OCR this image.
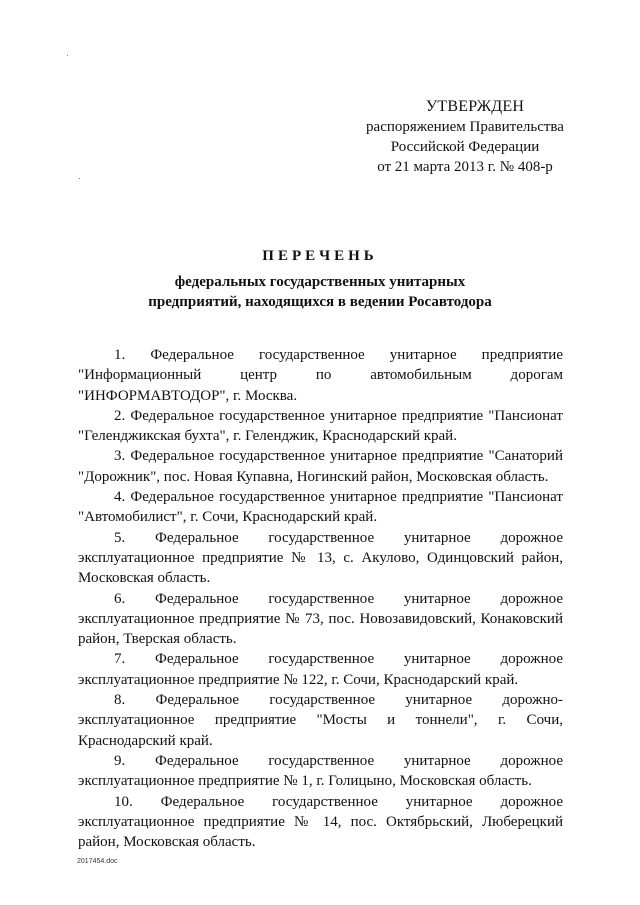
УТВЕРЖДЕН
распоряжением Правительства
Российской Федерации
от 21 марта 2013 г. № 408-р
ПЕРЕЧЕНЬ
федеральных государственных унитарных
предприятий, находящихся в ведении Росавтодора

1. Федеральное государственное унитарное предприятие "Информационный центр по автомобильным дорогам "ИНФОРМАВТОДОР", г. Москва.

2. Федеральное государственное унитарное предприятие "Пансионат "Геленджикская бухта", г. Геленджик, Краснодарский край.

3. Федеральное государственное унитарное предприятие "Санаторий "Дорожник", пос. Новая Купавна, Ногинский район, Московская область.

4. Федеральное государственное унитарное предприятие "Пансионат "Автомобилист", г. Сочи, Краснодарский край.

5. Федеральное государственное унитарное дорожное эксплуатационное предприятие № 13, с. Акулово, Одинцовский район, Московская область.

6. Федеральное государственное унитарное дорожное эксплуатационное предприятие № 73, пос. Новозавидовский, Конаковский район, Тверская область.

7. Федеральное государственное унитарное дорожное эксплуатационное предприятие № 122, г. Сочи, Краснодарский край.

8. Федеральное государственное унитарное дорожно-эксплуатационное предприятие "Мосты и тоннели", г. Сочи, Краснодарский край.

9. Федеральное государственное унитарное дорожное эксплуатационное предприятие № 1, г. Голицыно, Московская область.

10. Федеральное государственное унитарное дорожное эксплуатационное предприятие № 14, пос. Октябрьский, Люберецкий район, Московская область.

2017454.doc
